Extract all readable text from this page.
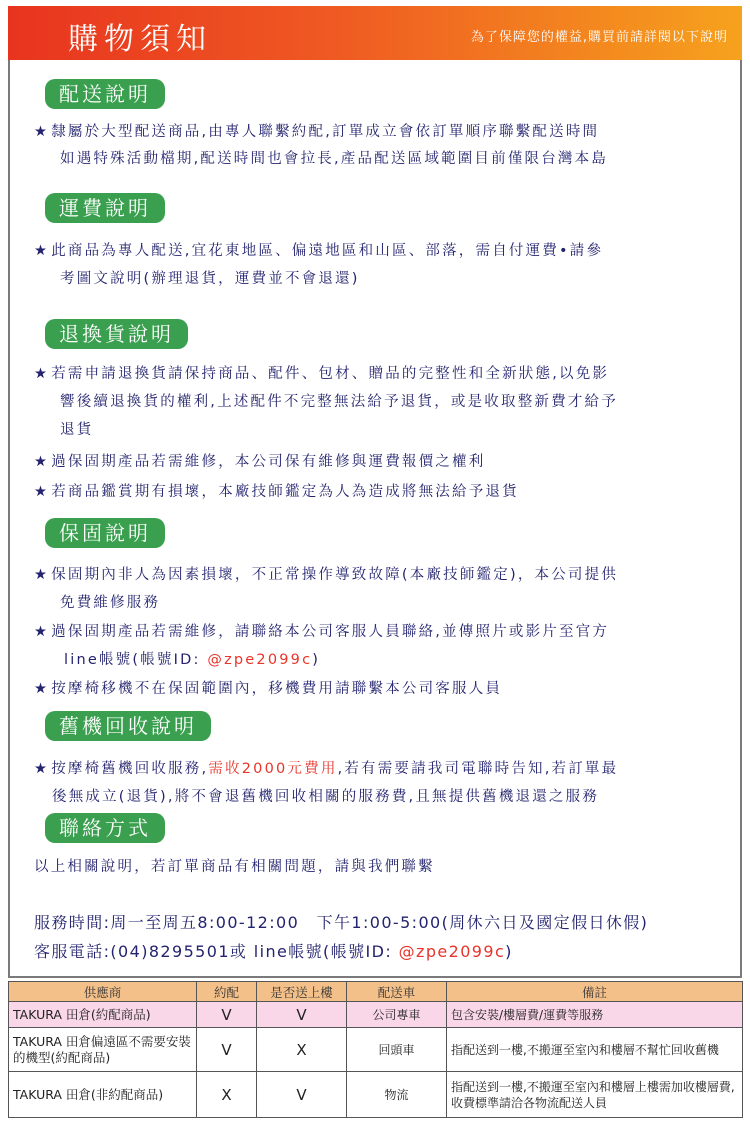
購物須知	為了保障您的權益,購買前請詳閱以下說明
配送說明
★ 隸屬於大型配送商品,由專人聯繫約配,訂單成立會依訂單順序聯繫配送時間
如遇特殊活動檔期,配送時間也會拉長,產品配送區域範圍目前僅限台灣本島
運費說明
★ 此商品為專人配送,宜花東地區、偏遠地區和山區、部落，需自付運費•請參
考圖文說明(辦理退貨，運費並不會退還)
退換貨說明
★ 若需申請退換貨請保持商品、配件、包材、贈品的完整性和全新狀態,以免影
響後續退換貨的權利,上述配件不完整無法給予退貨，或是收取整新費才給予
退貨
★ 過保固期產品若需維修，本公司保有維修與運費報價之權利
★ 若商品鑑賞期有損壞，本廠技師鑑定為人為造成將無法給予退貨
保固說明
★ 保固期內非人為因素損壞，不正常操作導致故障(本廠技師鑑定)，本公司提供
免費維修服務
★ 過保固期產品若需維修，請聯絡本公司客服人員聯絡,並傳照片或影片至官方
line帳號(帳號ID: @zpe2099c)
★ 按摩椅移機不在保固範圍內，移機費用請聯繫本公司客服人員
舊機回收說明
★ 按摩椅舊機回收服務,需收2000元費用,若有需要請我司電聯時告知,若訂單最
後無成立(退貨),將不會退舊機回收相關的服務費,且無提供舊機退還之服務
聯絡方式
以上相關說明，若訂單商品有相關問題，請與我們聯繫
服務時間:周一至周五8:00-12:00　下午1:00-5:00(周休六日及國定假日休假)
客服電話:(04)8295501或 line帳號(帳號ID: @zpe2099c)
供應商	約配	是否送上樓	配送車	備註
TAKURA 田倉(約配商品)	V	V	公司專車	包含安裝/樓層費/運費等服務
TAKURA 田倉偏遠區不需要安裝的機型(約配商品)	V	X	回頭車	指配送到一樓,不搬運至室內和樓層不幫忙回收舊機
TAKURA 田倉(非約配商品)	X	V	物流	指配送到一樓,不搬運至室內和樓層上樓需加收樓層費,收費標準請洽各物流配送人員
